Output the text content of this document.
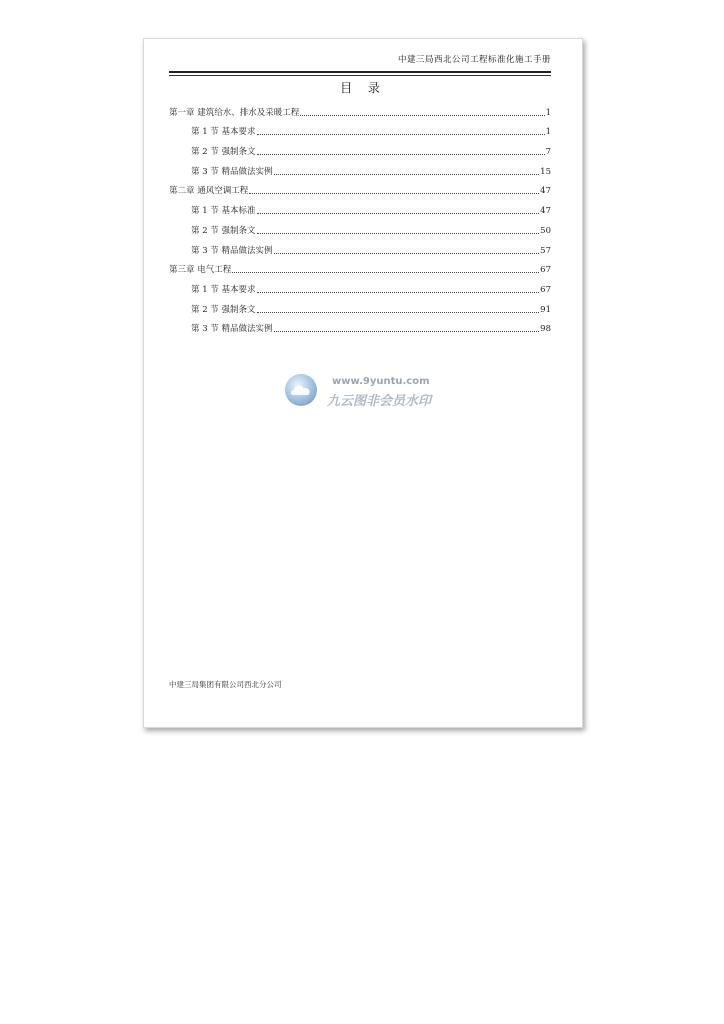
中建三局西北公司工程标准化施工手册
目 录
第一章 建筑给水、排水及采暖工程	1
第 1 节 基本要求	1
第 2 节 强制条文	7
第 3 节 精品做法实例	15
第二章 通风空调工程	47
第 1 节 基本标准	47
第 2 节 强制条文	50
第 3 节 精品做法实例	57
第三章 电气工程	67
第 1 节 基本要求	67
第 2 节 强制条文	91
第 3 节 精品做法实例	98
www.9yuntu.com
九云图非会员水印
中建三局集团有限公司西北分公司
